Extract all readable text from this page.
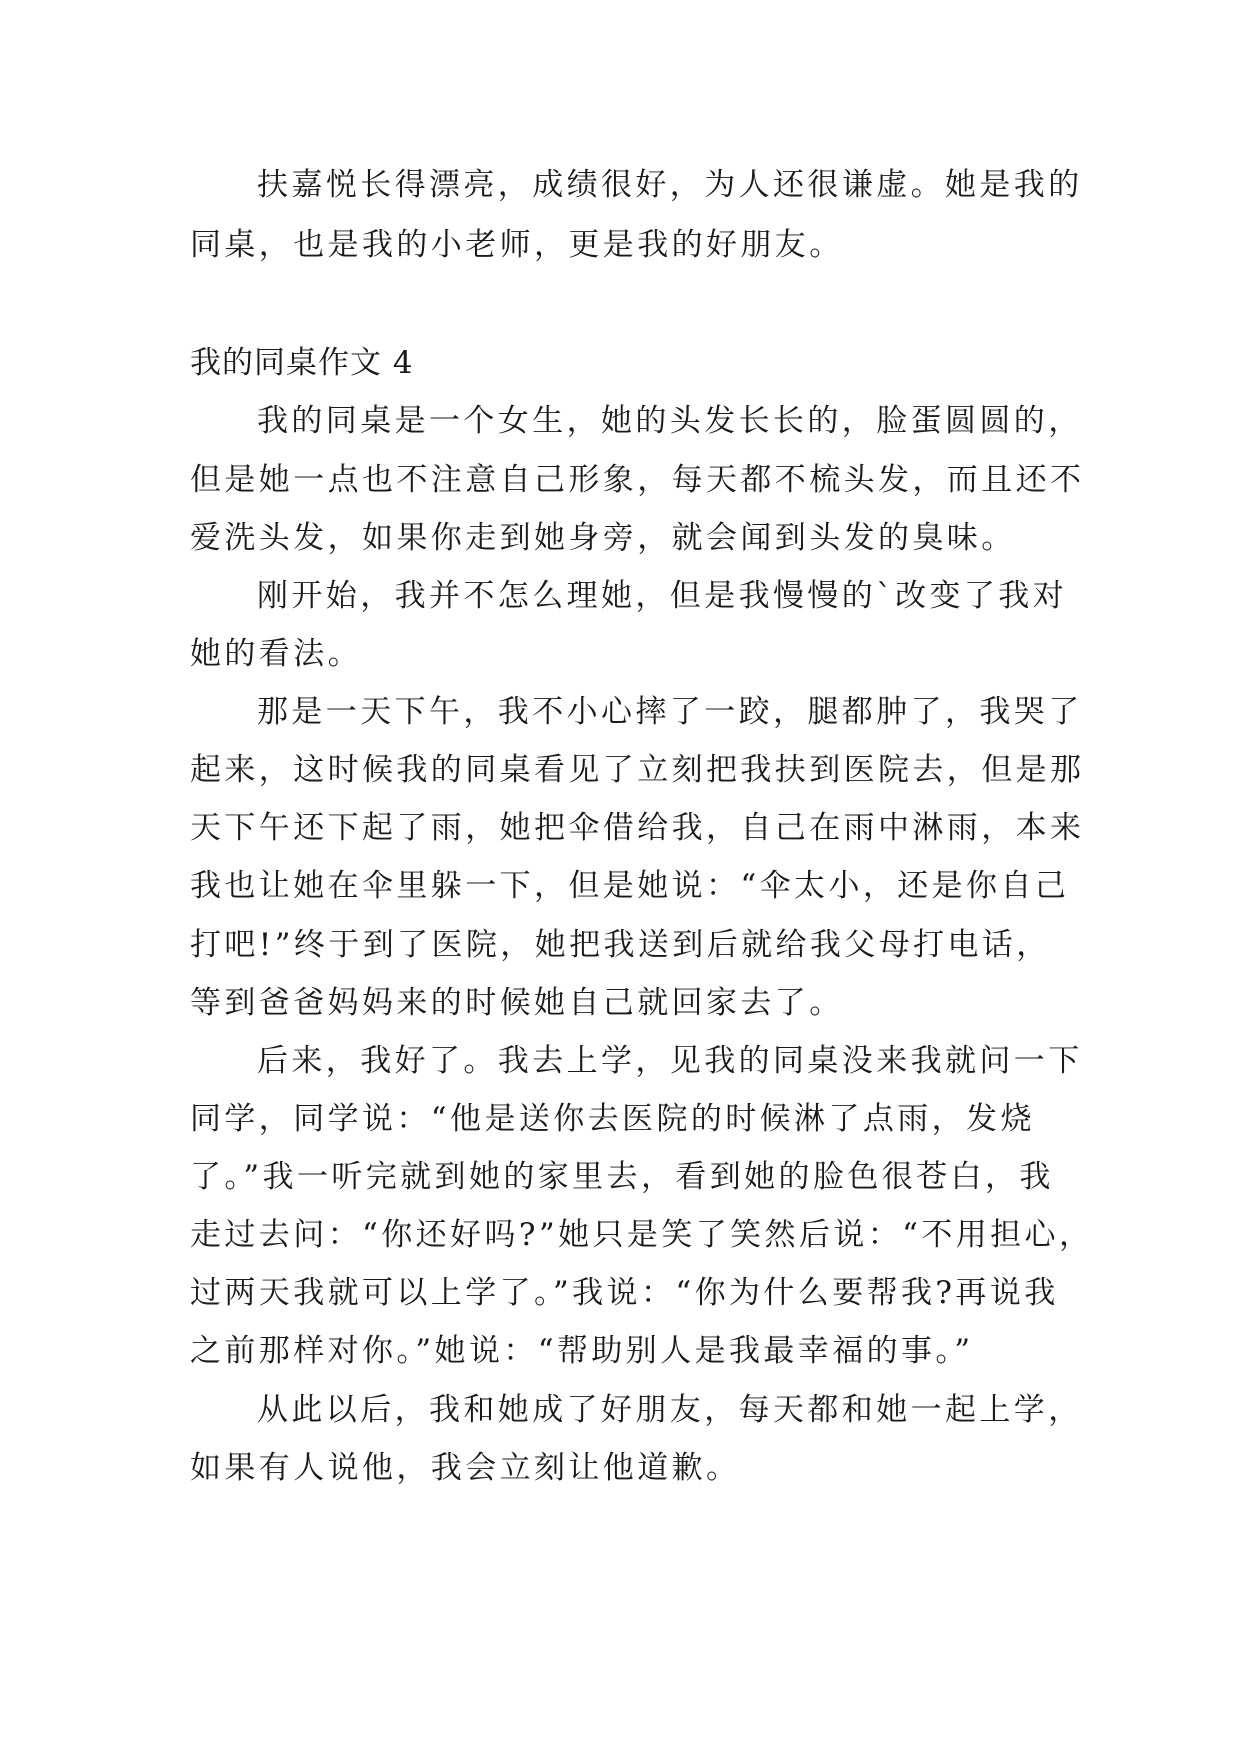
扶嘉悦长得漂亮，成绩很好，为人还很谦虚。她是我的
同桌，也是我的小老师，更是我的好朋友。
我的同桌作文 4
我的同桌是一个女生，她的头发长长的，脸蛋圆圆的，
但是她一点也不注意自己形象，每天都不梳头发，而且还不
爱洗头发，如果你走到她身旁，就会闻到头发的臭味。
刚开始，我并不怎么理她，但是我慢慢的`改变了我对
她的看法。
那是一天下午，我不小心摔了一跤，腿都肿了，我哭了
起来，这时候我的同桌看见了立刻把我扶到医院去，但是那
天下午还下起了雨，她把伞借给我，自己在雨中淋雨，本来
我也让她在伞里躲一下，但是她说：“伞太小，还是你自己
打吧!”终于到了医院，她把我送到后就给我父母打电话，
等到爸爸妈妈来的时候她自己就回家去了。
后来，我好了。我去上学，见我的同桌没来我就问一下
同学，同学说：“他是送你去医院的时候淋了点雨，发烧
了。”我一听完就到她的家里去，看到她的脸色很苍白，我
走过去问：“你还好吗?”她只是笑了笑然后说：“不用担心，
过两天我就可以上学了。”我说：“你为什么要帮我?再说我
之前那样对你。”她说：“帮助别人是我最幸福的事。”
从此以后，我和她成了好朋友，每天都和她一起上学，
如果有人说他，我会立刻让他道歉。
